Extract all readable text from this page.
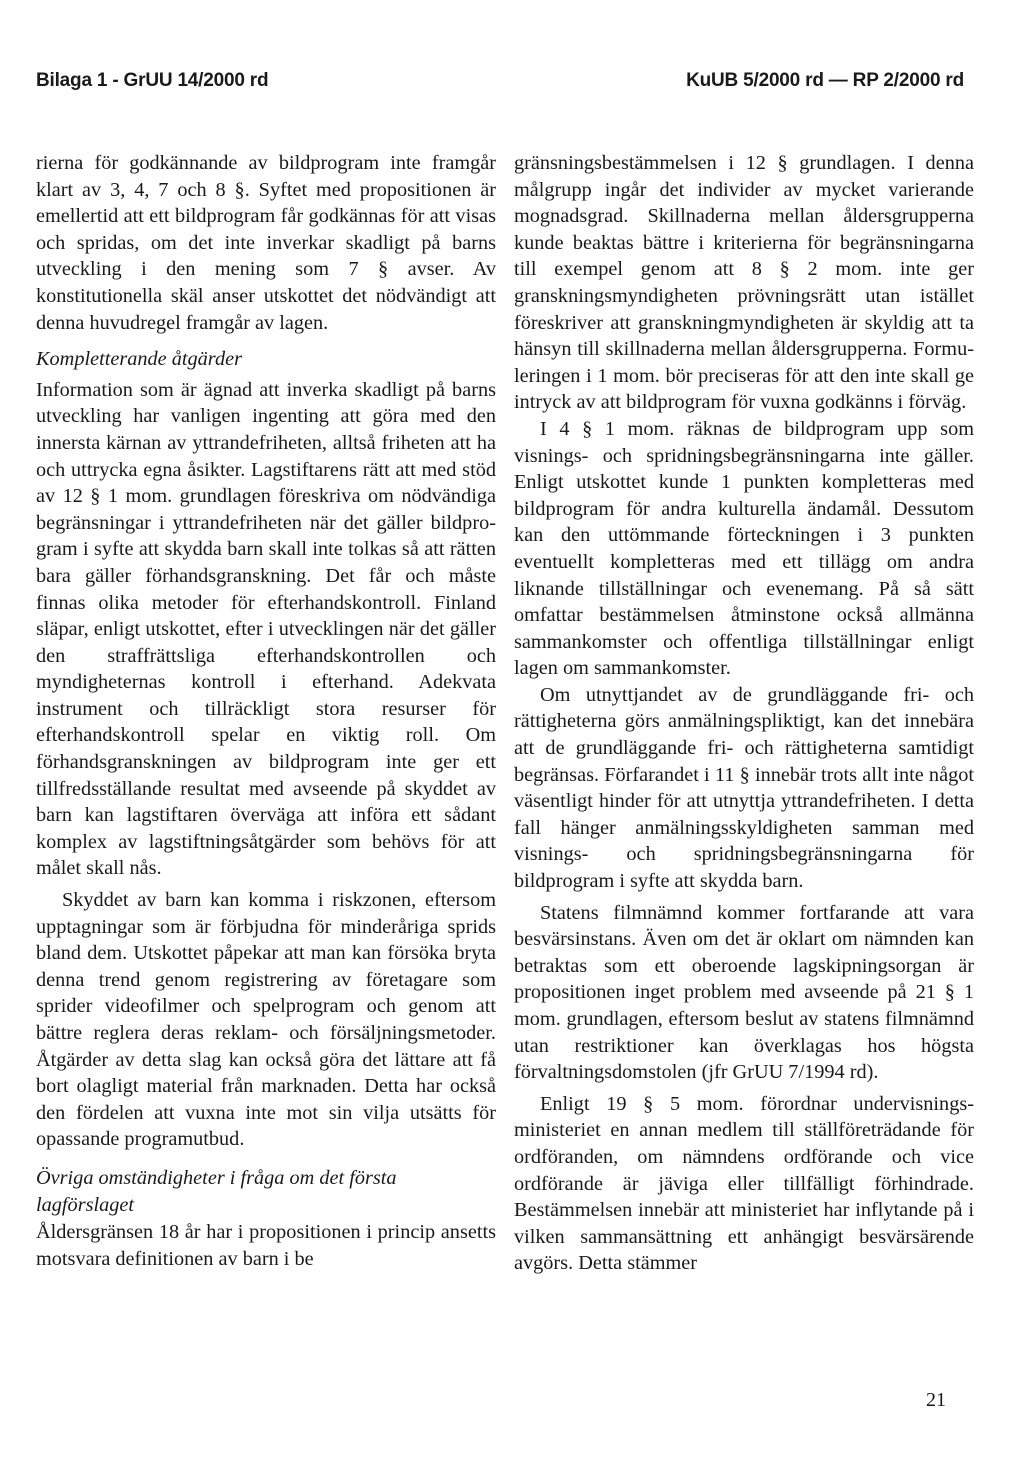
Bilaga 1 - GrUU 14/2000 rd	KuUB 5/2000 rd — RP 2/2000 rd

rierna för godkännande av bildprogram inte framgår klart av 3, 4, 7 och 8 §. Syftet med propositionen är emellertid att ett bildprogram får godkännas för att visas och spridas, om det inte inverkar skadligt på barns utveckling i den mening som 7 § avser. Av konstitutionella skäl anser utskottet det nödvändigt att denna huvudregel framgår av lagen.

Kompletterande åtgärder

Information som är ägnad att inverka skadligt på barns utveckling har vanligen ingenting att göra med den innersta kärnan av yttrandefriheten, alltså friheten att ha och uttrycka egna åsikter. Lagstiftarens rätt att med stöd av 12 § 1 mom. grundlagen föreskriva om nödvändiga begränsningar i yttrandefriheten när det gäller bildprogram i syfte att skydda barn skall inte tolkas så att rätten bara gäller förhandsgranskning. Det får och måste finnas olika metoder för efterhandskontroll. Finland släpar, enligt utskottet, efter i utvecklingen när det gäller den straffrättsliga efterhandskontrollen och myndigheternas kontroll i efterhand. Adekvata instrument och tillräckligt stora resurser för efterhandskontroll spelar en viktig roll. Om förhandsgranskningen av bildprogram inte ger ett tillfredsställande resultat med avseende på skyddet av barn kan lagstiftaren överväga att införa ett sådant komplex av lagstiftningsåtgärder som behövs för att målet skall nås.

Skyddet av barn kan komma i riskzonen, eftersom upptagningar som är förbjudna för minderåriga sprids bland dem. Utskottet påpekar att man kan försöka bryta denna trend genom registrering av företagare som sprider videofilmer och spelprogram och genom att bättre reglera deras reklam- och försäljningsmetoder. Åtgärder av detta slag kan också göra det lättare att få bort olagligt material från marknaden. Detta har också den fördelen att vuxna inte mot sin vilja utsätts för opassande programutbud.

Övriga omständigheter i fråga om det första lagförslaget

Åldersgränsen 18 år har i propositionen i princip ansetts motsvara definitionen av barn i be

gränsningsbestämmelsen i 12 § grundlagen. I denna målgrupp ingår det individer av mycket varierande mognadsgrad. Skillnaderna mellan åldersgrupperna kunde beaktas bättre i kriterierna för begränsningarna till exempel genom att 8 § 2 mom. inte ger granskningsmyndigheten prövningsrätt utan istället föreskriver att granskningmyndigheten är skyldig att ta hänsyn till skillnaderna mellan åldersgrupperna. Formuleringen i 1 mom. bör preciseras för att den inte skall ge intryck av att bildprogram för vuxna godkänns i förväg.

I 4 § 1 mom. räknas de bildprogram upp som visnings- och spridningsbegränsningarna inte gäller. Enligt utskottet kunde 1 punkten kompletteras med bildprogram för andra kulturella ändamål. Dessutom kan den uttömmande förteckningen i 3 punkten eventuellt kompletteras med ett tillägg om andra liknande tillställningar och evenemang. På så sätt omfattar bestämmelsen åtminstone också allmänna sammankomster och offentliga tillställningar enligt lagen om sammankomster.

Om utnyttjandet av de grundläggande fri- och rättigheterna görs anmälningspliktigt, kan det innebära att de grundläggande fri- och rättigheterna samtidigt begränsas. Förfarandet i 11 § innebär trots allt inte något väsentligt hinder för att utnyttja yttrandefriheten. I detta fall hänger anmälningsskyldigheten samman med visnings- och spridningsbegränsningarna för bildprogram i syfte att skydda barn.

Statens filmnämnd kommer fortfarande att vara besvärsinstans. Även om det är oklart om nämnden kan betraktas som ett oberoende lagskipningsorgan är propositionen inget problem med avseende på 21 § 1 mom. grundlagen, eftersom beslut av statens filmnämnd utan restriktioner kan överklagas hos högsta förvaltningsdomstolen (jfr GrUU 7/1994 rd).

Enligt 19 § 5 mom. förordnar undervisningsministeriet en annan medlem till ställföreträdande för ordföranden, om nämndens ordförande och vice ordförande är jäviga eller tillfälligt förhindrade. Bestämmelsen innebär att ministeriet har inflytande på i vilken sammansättning ett anhängigt besvärsärende avgörs. Detta stämmer

21
